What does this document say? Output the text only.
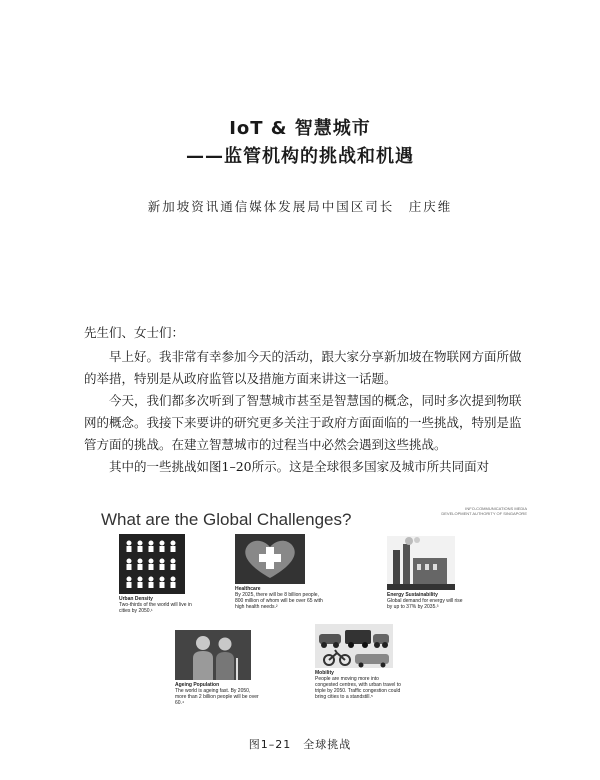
IoT & 智慧城市
——监管机构的挑战和机遇
新加坡资讯通信媒体发展局中国区司长　庄庆维
先生们、女士们：
早上好。我非常有幸参加今天的活动，跟大家分享新加坡在物联网方面所做的举措，特别是从政府监管以及措施方面来讲这一话题。
今天，我们都多次听到了智慧城市甚至是智慧国的概念，同时多次提到物联网的概念。我接下来要讲的研究更多关注于政府方面面临的一些挑战，特别是监管方面的挑战。在建立智慧城市的过程当中必然会遇到这些挑战。
其中的一些挑战如图1–20所示。这是全球很多国家及城市所共同面对
What are the Global Challenges?
INFO-COMMUNICATIONS MEDIA DEVELOPMENT AUTHORITY OF SINGAPORE
Urban Density
Two-thirds of the world will live in cities by 2050.¹
Healthcare
By 2025, there will be 8 billion people, 800 million of whom will be over 65 with high health needs.²
Energy Sustainability
Global demand for energy will rise by up to 37% by 2035.³
Ageing Population
The world is ageing fast. By 2050, more than 2 billion people will be over 60.⁴
Mobility
People are moving more into congested centres, with urban travel to triple by 2050. Traffic congestion could bring cities to a standstill.⁵
图1–21　全球挑战
